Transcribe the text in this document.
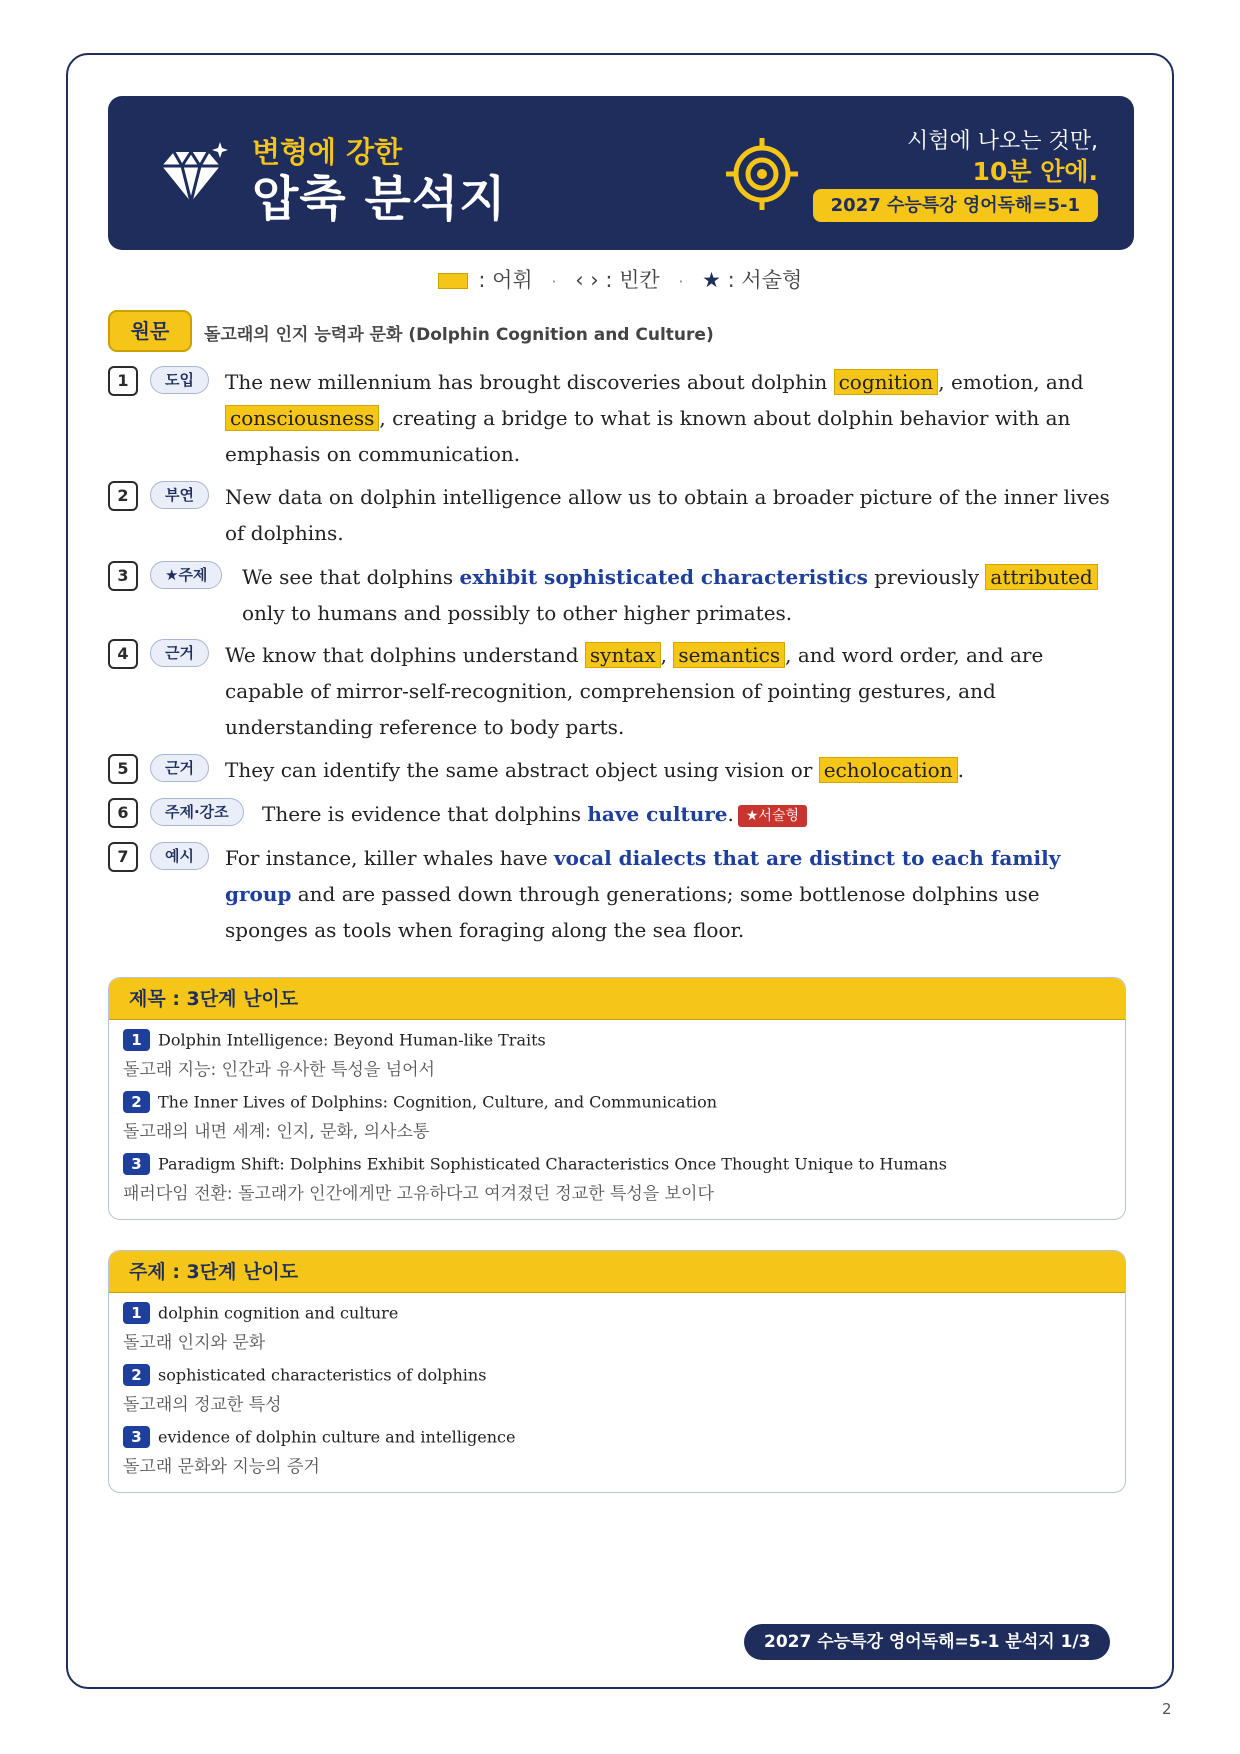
변형에 강한
압축 분석지
시험에 나오는 것만,
10분 안에.
2027 수능특강 영어독해=5-1
: 어휘 · ‹ › : 빈칸 · ★ : 서술형
원문	돌고래의 인지 능력과 문화 (Dolphin Cognition and Culture)
1	도입	The new millennium has brought discoveries about dolphin cognition , emotion, and consciousness , creating a bridge to what is known about dolphin behavior with an emphasis on communication.
2	부연	New data on dolphin intelligence allow us to obtain a broader picture of the inner lives of dolphins.
3	★주제	We see that dolphins exhibit sophisticated characteristics previously attributed only to humans and possibly to other higher primates.
4	근거	We know that dolphins understand syntax , semantics , and word order, and are capable of mirror-self-recognition, comprehension of pointing gestures, and understanding reference to body parts.
5	근거	They can identify the same abstract object using vision or echolocation .
6	주제·강조	There is evidence that dolphins have culture. ★서술형
7	예시	For instance, killer whales have vocal dialects that are distinct to each family group and are passed down through generations; some bottlenose dolphins use sponges as tools when foraging along the sea floor.
제목 : 3단계 난이도
1 Dolphin Intelligence: Beyond Human-like Traits
돌고래 지능: 인간과 유사한 특성을 넘어서
2 The Inner Lives of Dolphins: Cognition, Culture, and Communication
돌고래의 내면 세계: 인지, 문화, 의사소통
3 Paradigm Shift: Dolphins Exhibit Sophisticated Characteristics Once Thought Unique to Humans
패러다임 전환: 돌고래가 인간에게만 고유하다고 여겨졌던 정교한 특성을 보이다
주제 : 3단계 난이도
1 dolphin cognition and culture
돌고래 인지와 문화
2 sophisticated characteristics of dolphins
돌고래의 정교한 특성
3 evidence of dolphin culture and intelligence
돌고래 문화와 지능의 증거
2027 수능특강 영어독해=5-1 분석지 1/3
2
